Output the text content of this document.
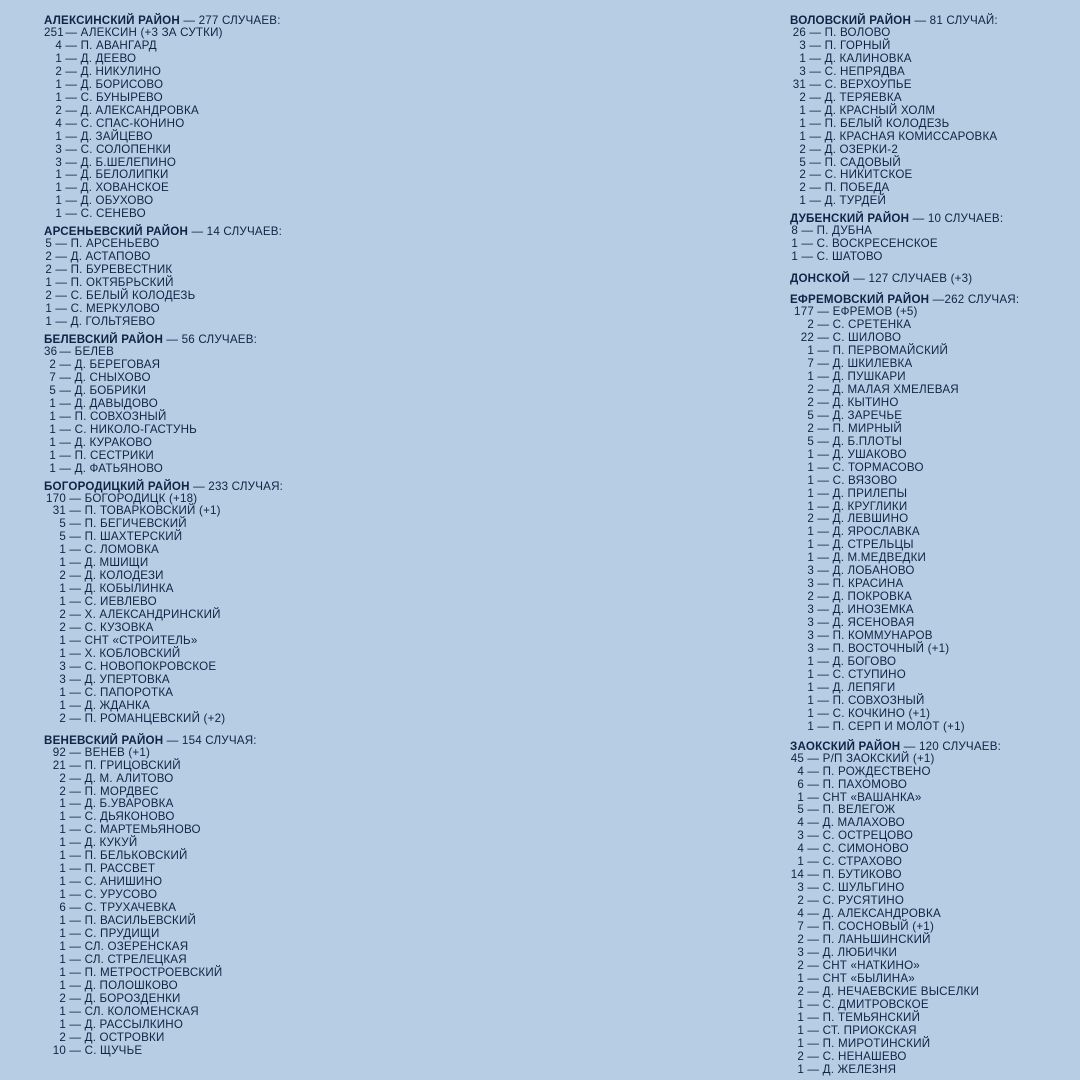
АЛЕКСИНСКИЙ РАЙОН — 277 СЛУЧАЕВ:
251 — АЛЕКСИН (+3 ЗА СУТКИ)
4 — П. АВАНГАРД
1 — Д. ДЕЕВО
2 — Д. НИКУЛИНО
1 — Д. БОРИСОВО
1 — С. БУНЫРЕВО
2 — Д. АЛЕКСАНДРОВКА
4 — С. СПАС-КОНИНО
1 — Д. ЗАЙЦЕВО
3 — С. СОЛОПЕНКИ
3 — Д. Б.ШЕЛЕПИНО
1 — Д. БЕЛОЛИПКИ
1 — Д. ХОВАНСКОЕ
1 — Д. ОБУХОВО
1 — С. СЕНЕВО
АРСЕНЬЕВСКИЙ РАЙОН — 14 СЛУЧАЕВ:
5 — П. АРСЕНЬЕВО
2 — Д. АСТАПОВО
2 — П. БУРЕВЕСТНИК
1 — П. ОКТЯБРЬСКИЙ
2 — С. БЕЛЫЙ КОЛОДЕЗЬ
1 — С. МЕРКУЛОВО
1 — Д. ГОЛЬТЯЕВО
БЕЛЕВСКИЙ РАЙОН — 56 СЛУЧАЕВ:
36 — БЕЛЕВ
2 — Д. БЕРЕГОВАЯ
7 — Д. СНЫХОВО
5 — Д. БОБРИКИ
1 — Д. ДАВЫДОВО
1 — П. СОВХОЗНЫЙ
1 — С. НИКОЛО-ГАСТУНЬ
1 — Д. КУРАКОВО
1 — П. СЕСТРИКИ
1 — Д. ФАТЬЯНОВО
БОГОРОДИЦКИЙ РАЙОН — 233 СЛУЧАЯ:
170 — БОГОРОДИЦК (+18)
31 — П. ТОВАРКОВСКИЙ (+1)
5 — П. БЕГИЧЕВСКИЙ
5 — П. ШАХТЕРСКИЙ
1 — С. ЛОМОВКА
1 — Д. МШИЩИ
2 — Д. КОЛОДЕЗИ
1 — Д. КОБЫЛИНКА
1 — С. ИЕВЛЕВО
2 — Х. АЛЕКСАНДРИНСКИЙ
2 — С. КУЗОВКА
1 — СНТ «СТРОИТЕЛЬ»
1 — Х. КОБЛОВСКИЙ
3 — С. НОВОПОКРОВСКОЕ
3 — Д. УПЕРТОВКА
1 — С. ПАПОРОТКА
1 — Д. ЖДАНКА
2 — П. РОМАНЦЕВСКИЙ (+2)
ВЕНЕВСКИЙ РАЙОН — 154 СЛУЧАЯ:
92 — ВЕНЕВ (+1)
21 — П. ГРИЦОВСКИЙ
2 — Д. М. АЛИТОВО
2 — П. МОРДВЕС
1 — Д. Б.УВАРОВКА
1 — С. ДЬЯКОНОВО
1 — С. МАРТЕМЬЯНОВО
1 — Д. КУКУЙ
1 — П. БЕЛЬКОВСКИЙ
1 — П. РАССВЕТ
1 — С. АНИШИНО
1 — С. УРУСОВО
6 — С. ТРУХАЧЕВКА
1 — П. ВАСИЛЬЕВСКИЙ
1 — С. ПРУДИЩИ
1 — СЛ. ОЗЕРЕНСКАЯ
1 — СЛ. СТРЕЛЕЦКАЯ
1 — П. МЕТРОСТРОЕВСКИЙ
1 — Д. ПОЛОШКОВО
2 — Д. БОРОЗДЕНКИ
1 — СЛ. КОЛОМЕНСКАЯ
1 — Д. РАССЫЛКИНО
2 — Д. ОСТРОВКИ
10 — С. ЩУЧЬЕ
ВОЛОВСКИЙ РАЙОН — 81 СЛУЧАЙ:
26 — П. ВОЛОВО
3 — П. ГОРНЫЙ
1 — Д. КАЛИНОВКА
3 — С. НЕПРЯДВА
31 — С. ВЕРХОУПЬЕ
2 — Д. ТЕРЯЕВКА
1 — Д. КРАСНЫЙ ХОЛМ
1 — П. БЕЛЫЙ КОЛОДЕЗЬ
1 — Д. КРАСНАЯ КОМИССАРОВКА
2 — Д. ОЗЕРКИ-2
5 — П. САДОВЫЙ
2 — С. НИКИТСКОЕ
2 — П. ПОБЕДА
1 — Д. ТУРДЕЙ
ДУБЕНСКИЙ РАЙОН — 10 СЛУЧАЕВ:
8 — П. ДУБНА
1 — С. ВОСКРЕСЕНСКОЕ
1 — С. ШАТОВО
ДОНСКОЙ — 127 СЛУЧАЕВ (+3)
ЕФРЕМОВСКИЙ РАЙОН —262 СЛУЧАЯ:
177 — ЕФРЕМОВ (+5)
2 — С. СРЕТЕНКА
22 — С. ШИЛОВО
1 — П. ПЕРВОМАЙСКИЙ
7 — Д. ШКИЛЕВКА
1 — Д. ПУШКАРИ
2 — Д. МАЛАЯ ХМЕЛЕВАЯ
2 — Д. КЫТИНО
5 — Д. ЗАРЕЧЬЕ
2 — П. МИРНЫЙ
5 — Д. Б.ПЛОТЫ
1 — Д. УШАКОВО
1 — С. ТОРМАСОВО
1 — С. ВЯЗОВО
1 — Д. ПРИЛЕПЫ
1 — Д. КРУГЛИКИ
2 — Д. ЛЕВШИНО
1 — Д. ЯРОСЛАВКА
1 — Д. СТРЕЛЬЦЫ
1 — Д. М.МЕДВЕДКИ
3 — Д. ЛОБАНОВО
3 — П. КРАСИНА
2 — Д. ПОКРОВКА
3 — Д. ИНОЗЕМКА
3 — Д. ЯСЕНОВАЯ
3 — П. КОММУНАРОВ
3 — П. ВОСТОЧНЫЙ (+1)
1 — Д. БОГОВО
1 — С. СТУПИНО
1 — Д. ЛЕПЯГИ
1 — П. СОВХОЗНЫЙ
1 — С. КОЧКИНО (+1)
1 — П. СЕРП И МОЛОТ (+1)
ЗАОКСКИЙ РАЙОН — 120 СЛУЧАЕВ:
45 — Р/П ЗАОКСКИЙ (+1)
4 — П. РОЖДЕСТВЕНО
6 — П. ПАХОМОВО
1 — СНТ «ВАШАНКА»
5 — П. ВЕЛЕГОЖ
4 — Д. МАЛАХОВО
3 — С. ОСТРЕЦОВО
4 — С. СИМОНОВО
1 — С. СТРАХОВО
14 — П. БУТИКОВО
3 — С. ШУЛЬГИНО
2 — С. РУСЯТИНО
4 — Д. АЛЕКСАНДРОВКА
7 — П. СОСНОВЫЙ (+1)
2 — П. ЛАНЬШИНСКИЙ
3 — Д. ЛЮБИЧКИ
2 — СНТ «НАТКИНО»
1 — СНТ «БЫЛИНА»
2 — Д. НЕЧАЕВСКИЕ ВЫСЕЛКИ
1 — С. ДМИТРОВСКОЕ
1 — П. ТЕМЬЯНСКИЙ
1 — СТ. ПРИОКСКАЯ
1 — П. МИРОТИНСКИЙ
2 — С. НЕНАШЕВО
1 — Д. ЖЕЛЕЗНЯ
